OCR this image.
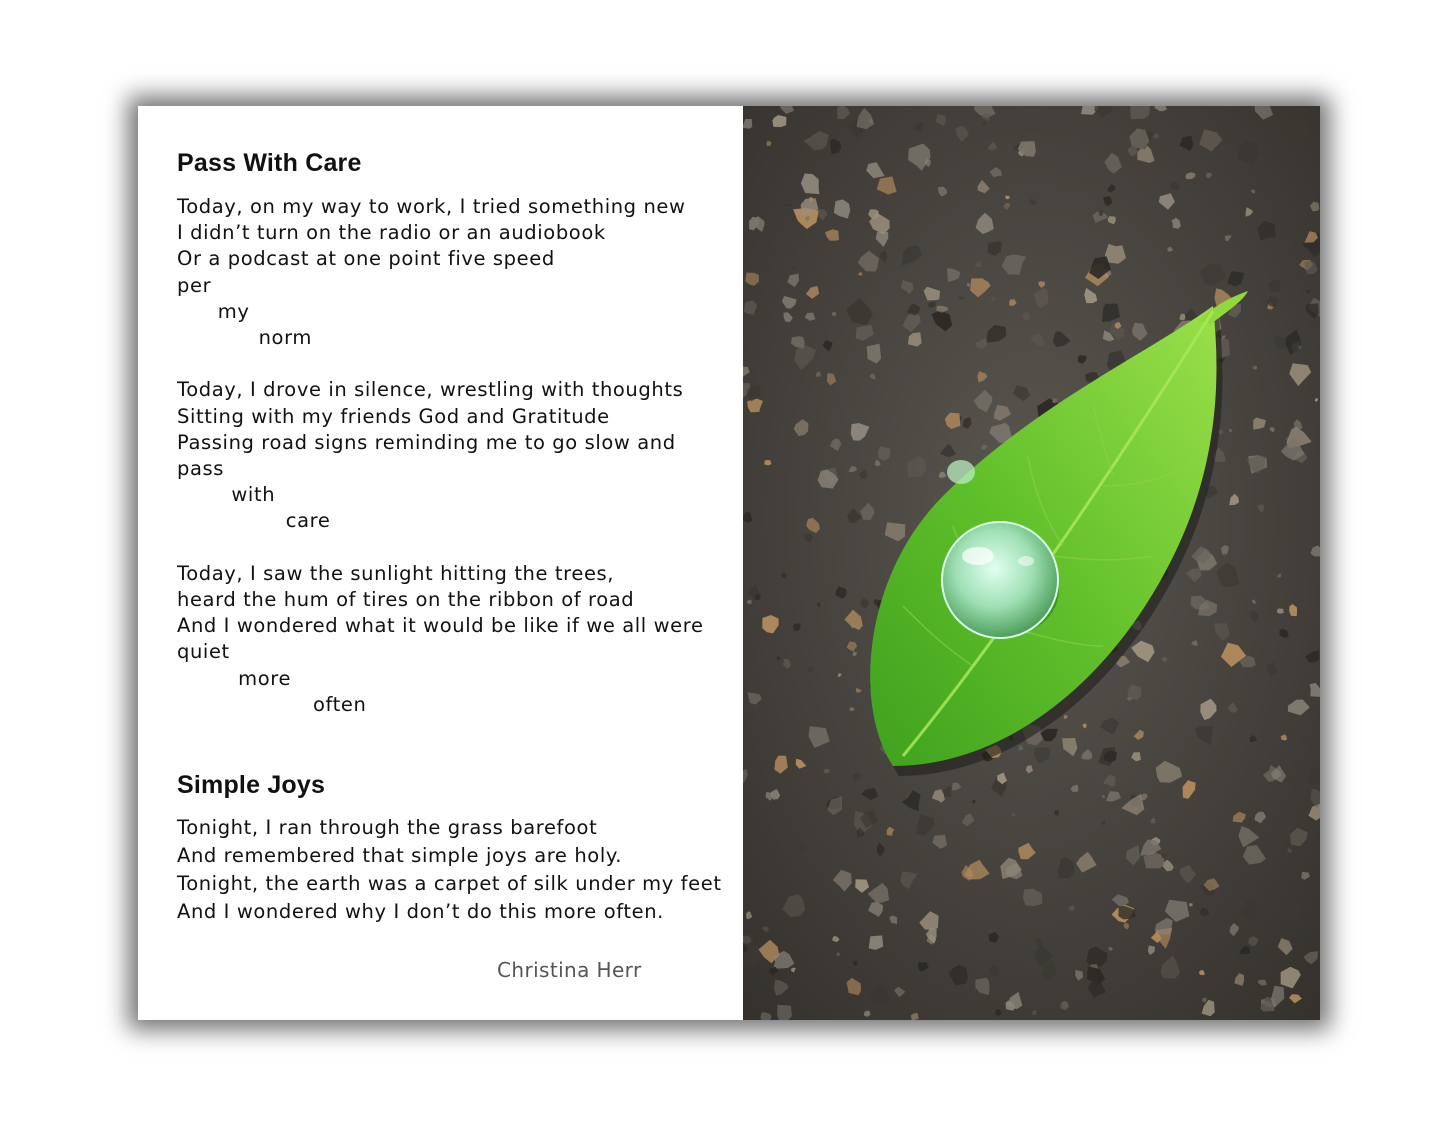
Pass With Care
Today, on my way to work, I tried something new
I didn’t turn on the radio or an audiobook
Or a podcast at one point five speed
per
my
norm

Today, I drove in silence, wrestling with thoughts
Sitting with my friends God and Gratitude
Passing road signs reminding me to go slow and
pass
with
care

Today, I saw the sunlight hitting the trees,
heard the hum of tires on the ribbon of road
And I wondered what it would be like if we all were
quiet
more
often
Simple Joys
Tonight, I ran through the grass barefoot
And remembered that simple joys are holy.
Tonight, the earth was a carpet of silk under my feet
And I wondered why I don’t do this more often.
Christina Herr
